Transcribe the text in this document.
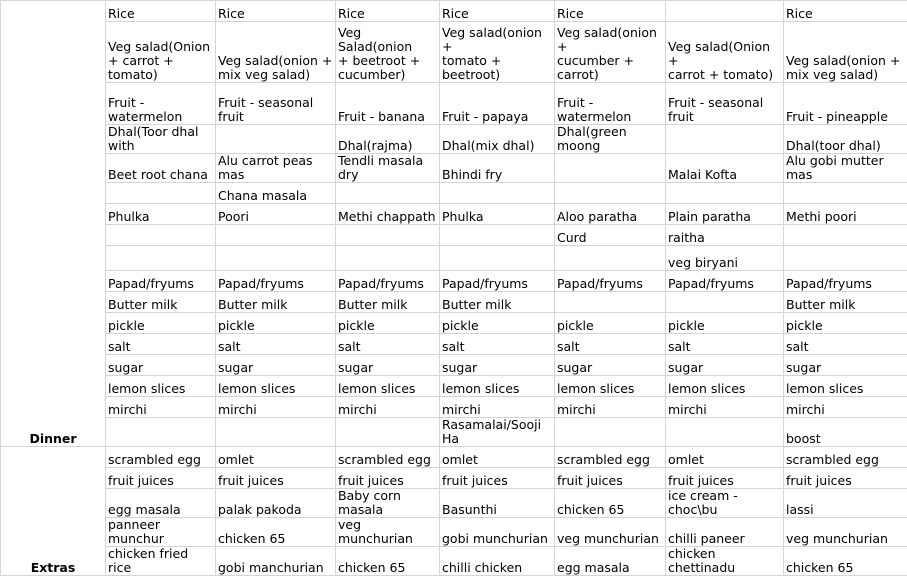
Dinner	Rice	Rice	Rice	Rice	Rice		Rice
	Veg salad(Onion
+ carrot + tomato)	Veg salad(onion +
mix veg salad)	Veg Salad(onion
+ beetroot +
cucumber)	Veg salad(onion +
tomato + beetroot)	Veg salad(onion +
cucumber +
carrot)	Veg salad(Onion +
carrot + tomato)	Veg salad(onion +
mix veg salad)
	Fruit - watermelon	Fruit - seasonal
fruit	Fruit - banana	Fruit - papaya	Fruit - watermelon	Fruit - seasonal
fruit	Fruit - pineapple
	Dhal(Toor dhal with		Dhal(rajma)	Dhal(mix dhal)	Dhal(green moong		Dhal(toor dhal)
	Beet root chana	Alu carrot peas mas	Tendli masala dry	Bhindi fry		Malai Kofta	Alu gobi mutter mas
		Chana masala					
	Phulka	Poori	Methi chappath	Phulka	Aloo paratha	Plain paratha	Methi poori
					Curd	raitha	
						veg biryani	
	Papad/fryums	Papad/fryums	Papad/fryums	Papad/fryums	Papad/fryums	Papad/fryums	Papad/fryums
	Butter milk	Butter milk	Butter milk	Butter milk			Butter milk
	pickle	pickle	pickle	pickle	pickle	pickle	pickle
	salt	salt	salt	salt	salt	salt	salt
	sugar	sugar	sugar	sugar	sugar	sugar	sugar
	lemon slices	lemon slices	lemon slices	lemon slices	lemon slices	lemon slices	lemon slices
	mirchi	mirchi	mirchi	mirchi	mirchi	mirchi	mirchi
				Rasamalai/Sooji Ha			boost
Extras	scrambled egg	omlet	scrambled egg	omlet	scrambled egg	omlet	scrambled egg
	fruit juices	fruit juices	fruit juices	fruit juices	fruit juices	fruit juices	fruit juices
	egg masala	palak pakoda	Baby corn masala	Basunthi	chicken 65	ice cream - choc\bu	lassi
	panneer munchur	chicken 65	veg munchurian	gobi munchurian	veg munchurian	chilli paneer	veg munchurian
	chicken fried rice	gobi manchurian	chicken 65	chilli chicken	egg masala	chicken chettinadu	chicken 65
